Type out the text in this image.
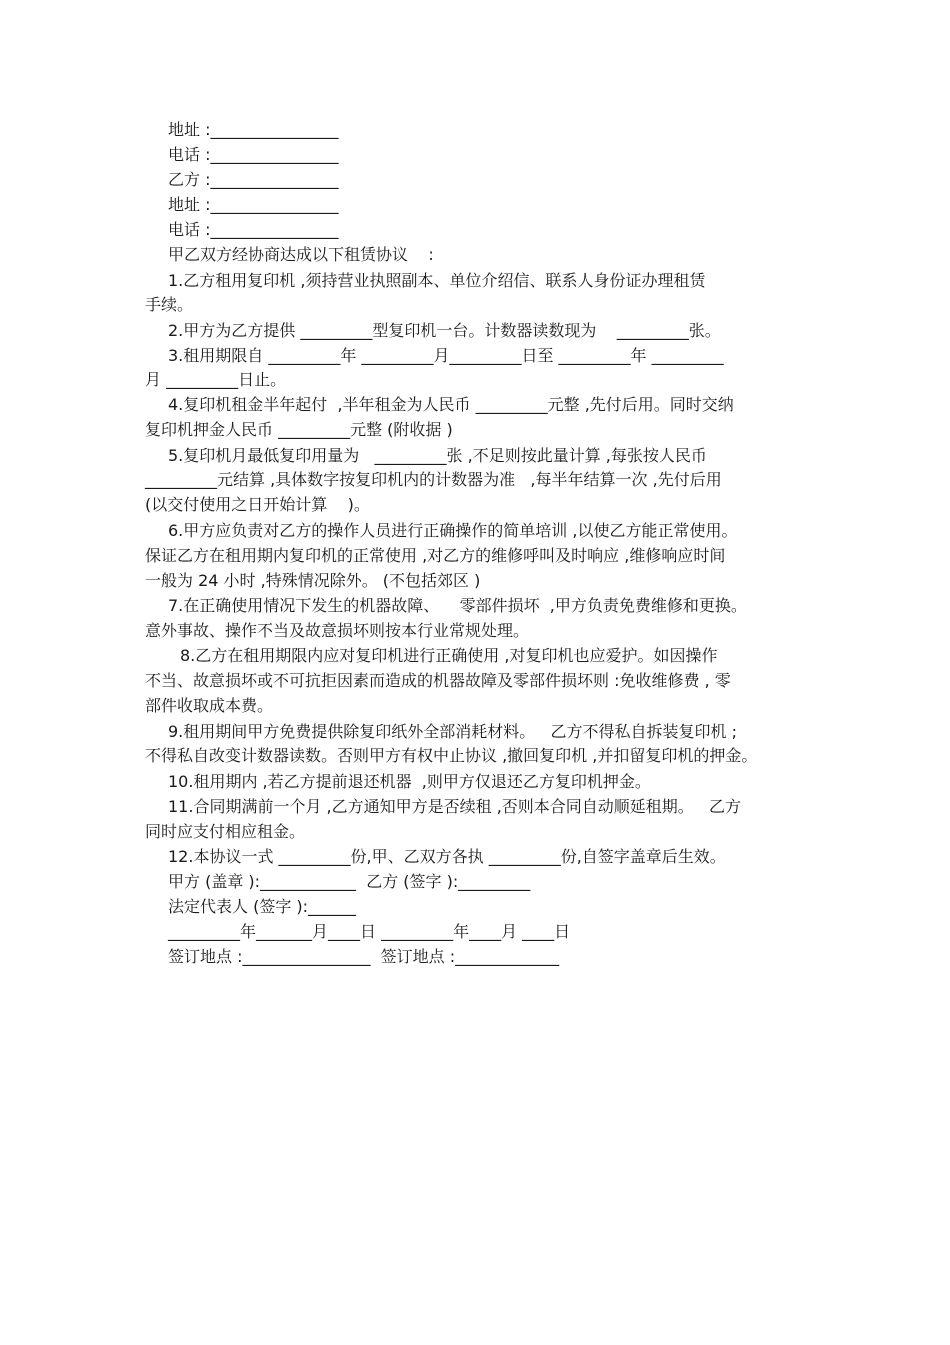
地址 :________________
电话 :________________
乙方 :________________
地址 :________________
电话 :________________
甲乙双方经协商达成以下租赁协议    :
1.乙方租用复印机 ,须持营业执照副本、单位介绍信、联系人身份证办理租赁
手续。
2.甲方为乙方提供 _________型复印机一台。计数器读数现为    _________张。
3.租用期限自 _________年 _________月_________日至 _________年 _________
月 _________日止。
4.复印机租金半年起付  ,半年租金为人民币 _________元整 ,先付后用。同时交纳
复印机押金人民币 _________元整 (附收据 )
5.复印机月最低复印用量为   _________张 ,不足则按此量计算 ,每张按人民币
_________元结算 ,具体数字按复印机内的计数器为准   ,每半年结算一次 ,先付后用
(以交付使用之日开始计算    )。
6.甲方应负责对乙方的操作人员进行正确操作的简单培训 ,以使乙方能正常使用。
保证乙方在租用期内复印机的正常使用 ,对乙方的维修呼叫及时响应 ,维修响应时间
一般为 24 小时 ,特殊情况除外。 (不包括郊区 )
7.在正确使用情况下发生的机器故障、    零部件损坏  ,甲方负责免费维修和更换。
意外事故、操作不当及故意损坏则按本行业常规处理。
8.乙方在租用期限内应对复印机进行正确使用 ,对复印机也应爱护。如因操作
不当、故意损坏或不可抗拒因素而造成的机器故障及零部件损坏则 :免收维修费 , 零
部件收取成本费。
9.租用期间甲方免费提供除复印纸外全部消耗材料。   乙方不得私自拆装复印机 ;
不得私自改变计数器读数。否则甲方有权中止协议 ,撤回复印机 ,并扣留复印机的押金。
10.租用期内 ,若乙方提前退还机器  ,则甲方仅退还乙方复印机押金。
11.合同期满前一个月 ,乙方通知甲方是否续租 ,否则本合同自动顺延租期。   乙方
同时应支付相应租金。
12.本协议一式 _________份,甲、乙双方各执 _________份,自签字盖章后生效。
甲方 (盖章 ):____________  乙方 (签字 ):_________
法定代表人 (签字 ):______
_________年_______月____日 _________年____月 ____日
签订地点 :________________  签订地点 :_____________
